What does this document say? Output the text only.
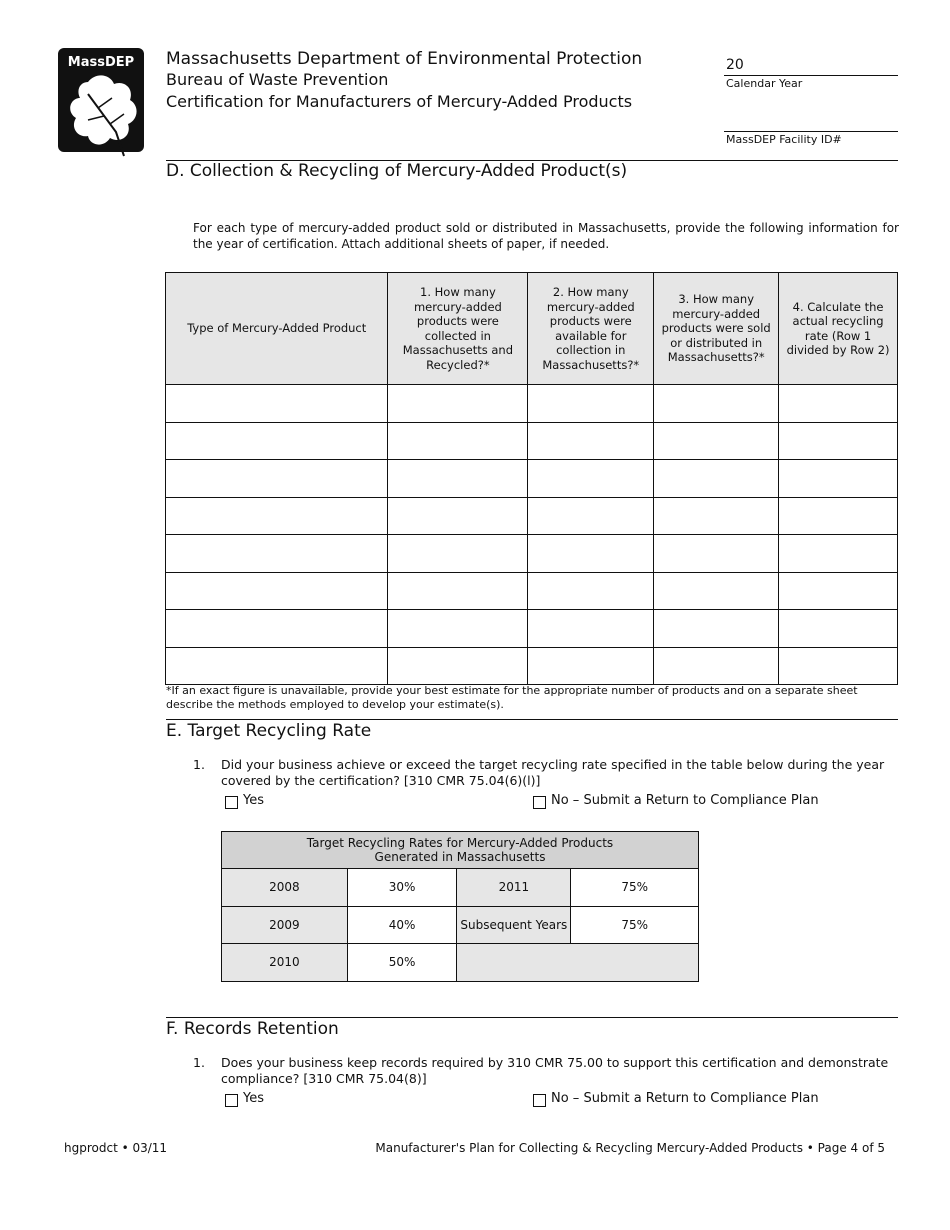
MassDEP Massachusetts Department of Environmental Protection
Bureau of Waste Prevention
Certification for Manufacturers of Mercury-Added Products
20
Calendar Year
MassDEP Facility ID#
D. Collection & Recycling of Mercury-Added Product(s)
For each type of mercury-added product sold or distributed in Massachusetts, provide the following information for the year of certification. Attach additional sheets of paper, if needed.
Type of Mercury-Added Product	1. How many mercury-added products were collected in Massachusetts and Recycled?*	2. How many mercury-added products were available for collection in Massachusetts?*	3. How many mercury-added products were sold or distributed in Massachusetts?*	4. Calculate the actual recycling rate (Row 1 divided by Row 2)

*If an exact figure is unavailable, provide your best estimate for the appropriate number of products and on a separate sheet describe the methods employed to develop your estimate(s).
E. Target Recycling Rate
1. Did your business achieve or exceed the target recycling rate specified in the table below during the year covered by the certification? [310 CMR 75.04(6)(l)]
Yes	No – Submit a Return to Compliance Plan
Target Recycling Rates for Mercury-Added Products
Generated in Massachusetts			

2008	30%	2011	75%
2009	40%	Subsequent Years	75%
2010	50%		
F. Records Retention
1. Does your business keep records required by 310 CMR 75.00 to support this certification and demonstrate compliance? [310 CMR 75.04(8)]
Yes	No – Submit a Return to Compliance Plan
hgprodct • 03/11	Manufacturer's Plan for Collecting & Recycling Mercury-Added Products • Page 4 of 5
